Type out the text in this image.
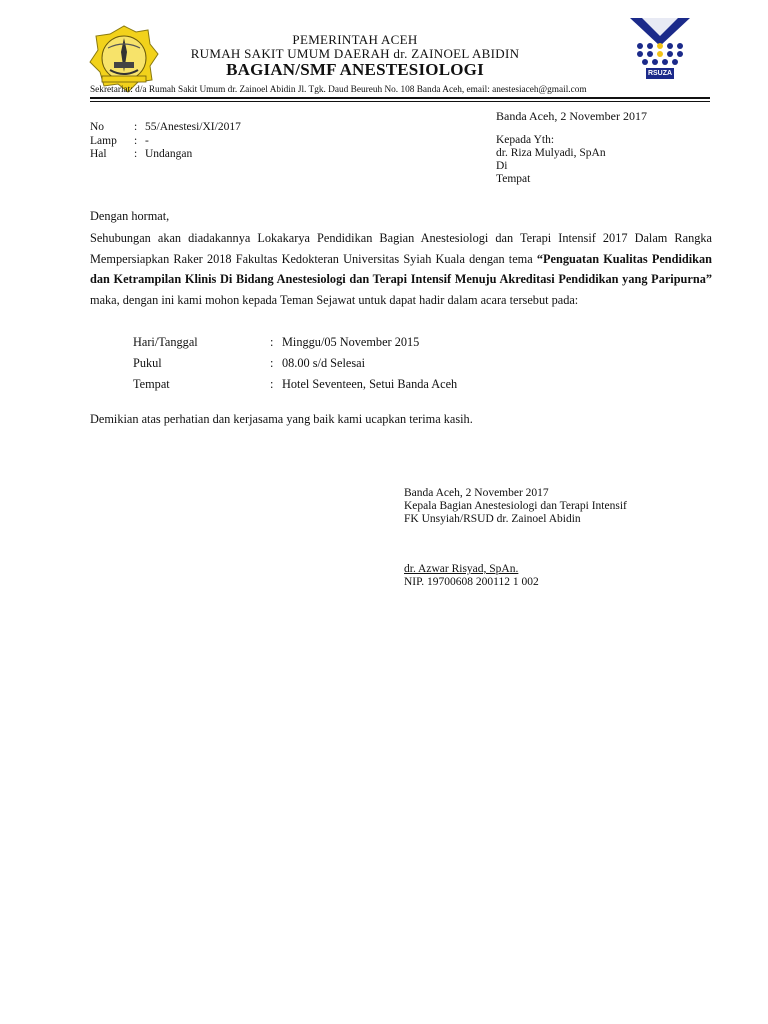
RSUZA
PEMERINTAH ACEH
RUMAH SAKIT UMUM DAERAH dr. ZAINOEL ABIDIN
BAGIAN/SMF ANESTESIOLOGI
Sekretariat: d/a Rumah Sakit Umum dr. Zainoel Abidin Jl. Tgk. Daud Beureuh No. 108 Banda Aceh, email: anestesiaceh@gmail.com
Banda Aceh, 2 November 2017
No	: 55/Anestesi/XI/2017
Lamp : -
Hal : Undangan
Kepada Yth:
dr. Riza Mulyadi, SpAn
Di
Tempat
Dengan hormat,
Sehubungan akan diadakannya Lokakarya Pendidikan Bagian Anestesiologi dan Terapi Intensif 2017 Dalam Rangka Mempersiapkan Raker 2018 Fakultas Kedokteran Universitas Syiah Kuala dengan tema “Penguatan Kualitas Pendidikan dan Ketrampilan Klinis Di Bidang Anestesiologi dan Terapi Intensif Menuju Akreditasi Pendidikan yang Paripurna” maka, dengan ini kami mohon kepada Teman Sejawat untuk dapat hadir dalam acara tersebut pada:
Hari/Tanggal	: Minggu/05 November 2015
Pukul	: 08.00 s/d Selesai
Tempat	: Hotel Seventeen, Setui Banda Aceh
Demikian atas perhatian dan kerjasama yang baik kami ucapkan terima kasih.
Banda Aceh, 2 November 2017
Kepala Bagian Anestesiologi dan Terapi Intensif
FK Unsyiah/RSUD dr. Zainoel Abidin
dr. Azwar Risyad, SpAn.
NIP. 19700608 200112 1 002
